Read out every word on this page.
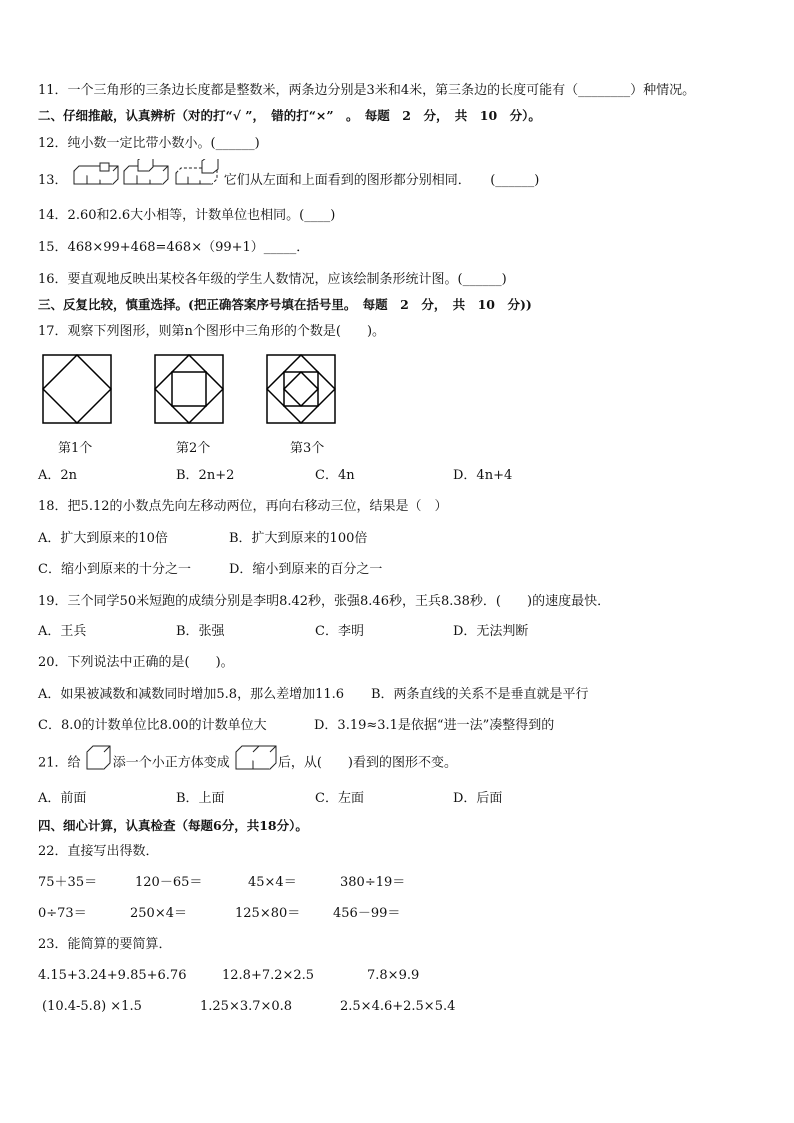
11．一个三角形的三条边长度都是整数米，两条边分别是3米和4米，第三条边的长度可能有（________）种情况。
二、仔细推敲，认真辨析（对的打“√ ”，　错的打“×”　。　每题　2　分，　共　10　分）。
12．纯小数一定比带小数小。(______)
13．	它们从左面和上面看到的图形都分别相同．　　(______)
14．2.60和2.6大小相等，计数单位也相同。(____)
15．468×99+468=468×（99+1）_____．
16．要直观地反映出某校各年级的学生人数情况，应该绘制条形统计图。(______)
三、反复比较，慎重选择。(把正确答案序号填在括号里。　每题　2　分，　共　10　分))
17．观察下列图形，则第n个图形中三角形的个数是(　　)。
第1个	第2个	第3个
A．2n	B．2n+2	C．4n	D．4n+4
18．把5.12的小数点先向左移动两位，再向右移动三位，结果是（　）
A．扩大到原来的10倍	B．扩大到原来的100倍
C．缩小到原来的十分之一	D．缩小到原来的百分之一
19．三个同学50米短跑的成绩分别是李明8.42秒，张强8.46秒，王兵8.38秒．(　　)的速度最快．
A．王兵	B．张强	C．李明	D．无法判断
20．下列说法中正确的是(　　)。
A．如果被减数和减数同时增加5.8，那么差增加11.6 B．两条直线的关系不是垂直就是平行
C．8.0的计数单位比8.00的计数单位大	D．3.19≈3.1是依据“进一法”凑整得到的
21．给 添一个小正方体变成	后，从(　　)看到的图形不变。
A．前面	B．上面	C．左面	D．后面
四、细心计算，认真检查（每题6分，共18分）。
22．直接写出得数．
75＋35＝	120－65＝	45×4＝	380÷19＝
0÷73＝	250×4＝	125×80＝	456－99＝
23．能简算的要简算．
4.15+3.24+9.85+6.76	12.8+7.2×2.5	7.8×9.9
(10.4-5.8) ×1.5	1.25×3.7×0.8	2.5×4.6+2.5×5.4
